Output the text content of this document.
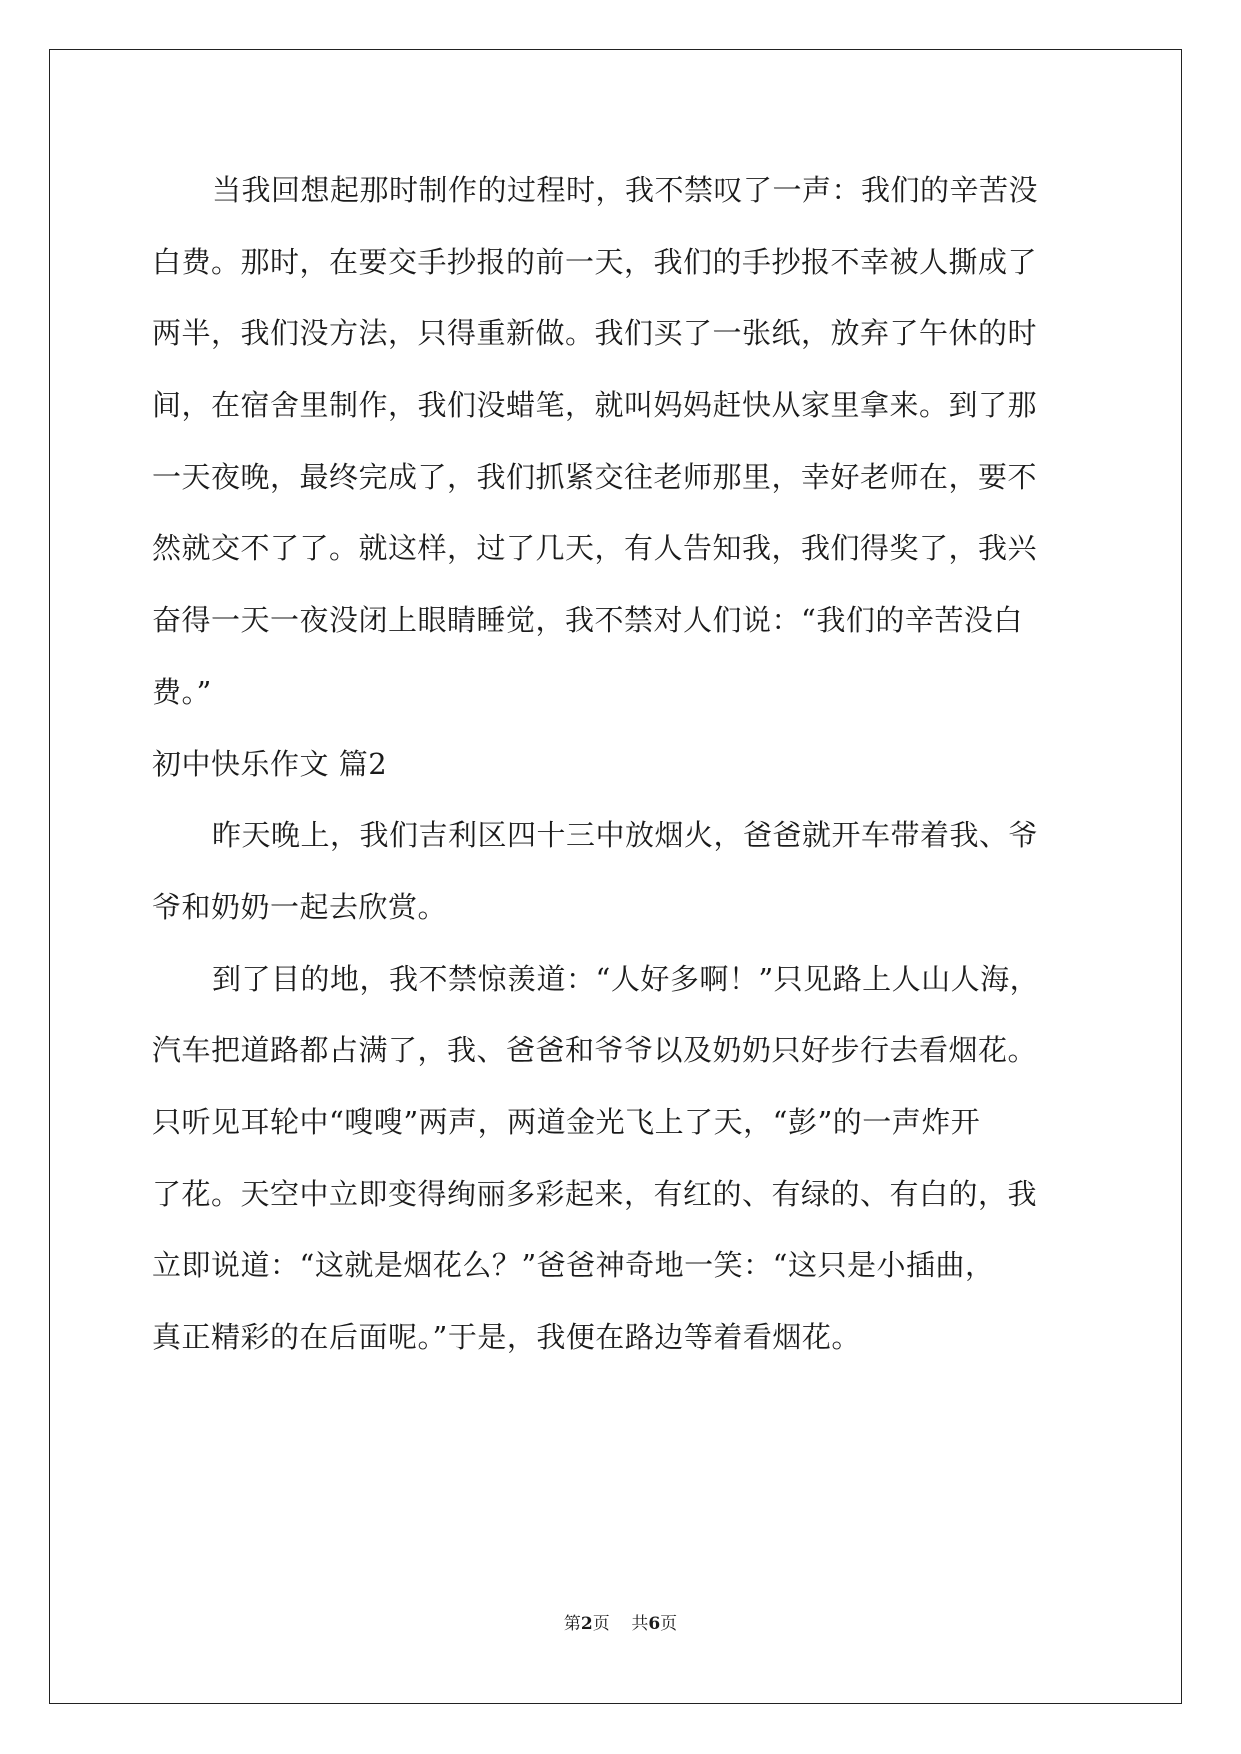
当我回想起那时制作的过程时，我不禁叹了一声：我们的辛苦没
白费。那时，在要交手抄报的前一天，我们的手抄报不幸被人撕成了
两半，我们没方法，只得重新做。我们买了一张纸，放弃了午休的时
间，在宿舍里制作，我们没蜡笔，就叫妈妈赶快从家里拿来。到了那
一天夜晚，最终完成了，我们抓紧交往老师那里，幸好老师在，要不
然就交不了了。就这样，过了几天，有人告知我，我们得奖了，我兴
奋得一天一夜没闭上眼睛睡觉，我不禁对人们说：“我们的辛苦没白
费。”
初中快乐作文 篇2
昨天晚上，我们吉利区四十三中放烟火，爸爸就开车带着我、爷
爷和奶奶一起去欣赏。
到了目的地，我不禁惊羡道：“人好多啊！”只见路上人山人海，
汽车把道路都占满了，我、爸爸和爷爷以及奶奶只好步行去看烟花。
只听见耳轮中“嗖嗖”两声，两道金光飞上了天，“彭”的一声炸开
了花。天空中立即变得绚丽多彩起来，有红的、有绿的、有白的，我
立即说道：“这就是烟花么？”爸爸神奇地一笑：“这只是小插曲，
真正精彩的在后面呢。”于是，我便在路边等着看烟花。
第2页 共6页
